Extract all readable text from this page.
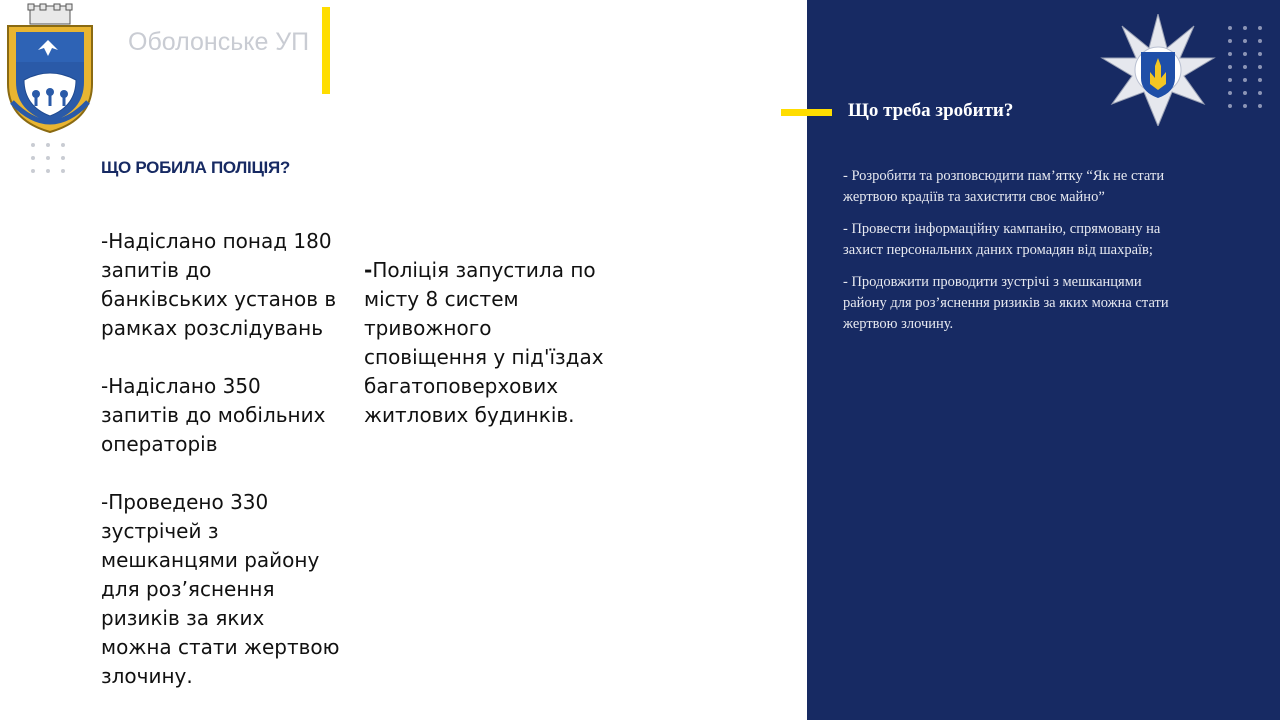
Оболонське УП
ЩО РОБИЛА ПОЛІЦІЯ?

-Надіслано понад 180 запитів до банківських установ в рамках розслідувань

-Надіслано 350 запитів до мобільних операторів

-Проведено 330 зустрічей з мешканцями району для роз’яснення ризиків за яких можна стати жертвою злочину.

-Поліція запустила по місту 8 систем тривожного сповіщення у під'їздах багатоповерхових житлових будинків.

Що треба зробити?

- Розробити та розповсюдити пам’ятку “Як не стати жертвою крадіїв та захистити своє майно”

- Провести інформаційну кампанію, спрямовану на захист персональних даних громадян від шахраїв;

- Продовжити проводити зустрічі з мешканцями району для роз’яснення ризиків за яких можна стати жертвою злочину.
